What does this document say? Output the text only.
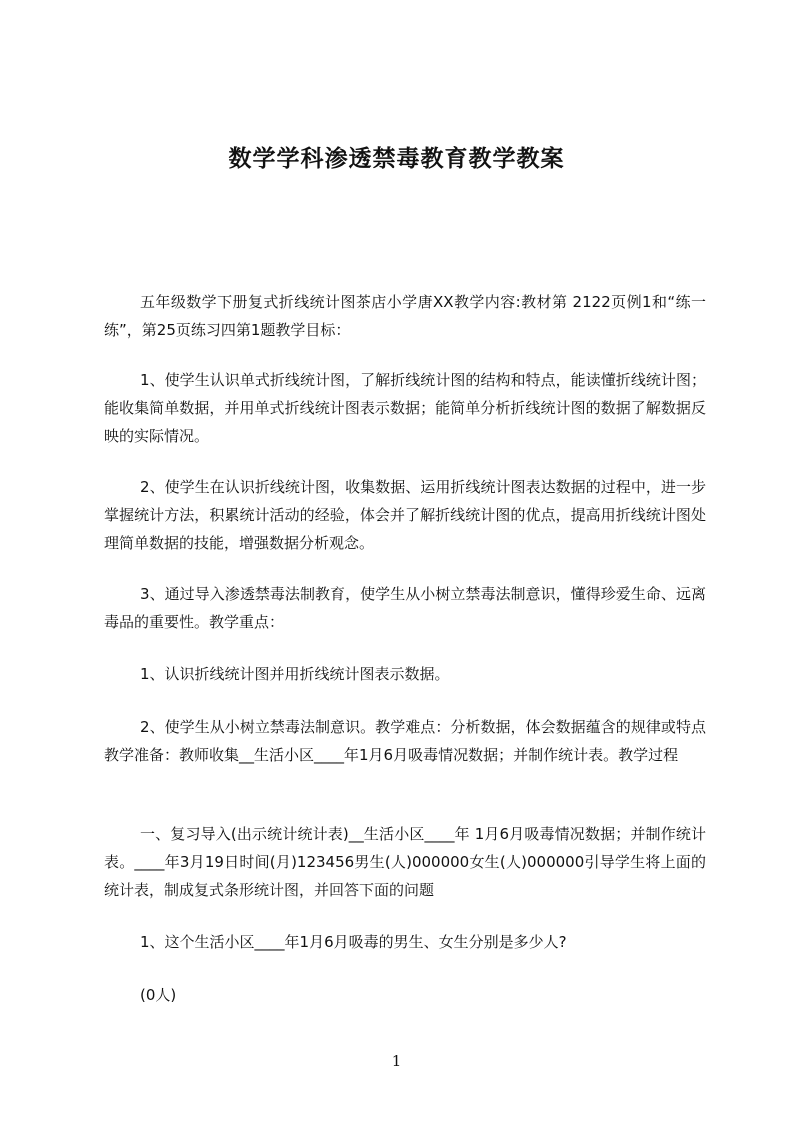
数学学科渗透禁毒教育教学教案
五年级数学下册复式折线统计图茶店小学唐XX教学内容:教材第 2122页例1和“练一练”，第25页练习四第1题教学目标：
1、使学生认识单式折线统计图，了解折线统计图的结构和特点，能读懂折线统计图；能收集简单数据，并用单式折线统计图表示数据；能简单分析折线统计图的数据了解数据反映的实际情况。
2、使学生在认识折线统计图，收集数据、运用折线统计图表达数据的过程中，进一步掌握统计方法，积累统计活动的经验，体会并了解折线统计图的优点，提高用折线统计图处理简单数据的技能，增强数据分析观念。
3、通过导入渗透禁毒法制教育，使学生从小树立禁毒法制意识，懂得珍爱生命、远离毒品的重要性。教学重点：
1、认识折线统计图并用折线统计图表示数据。
2、使学生从小树立禁毒法制意识。教学难点：分析数据，体会数据蕴含的规律或特点教学准备：教师收集__生活小区____年1月6月吸毒情况数据；并制作统计表。教学过程
一、复习导入(出示统计统计表)__生活小区____年 1月6月吸毒情况数据；并制作统计表。____年3月19日时间(月)123456男生(人)000000女生(人)000000引导学生将上面的统计表，制成复式条形统计图，并回答下面的问题
1、这个生活小区____年1月6月吸毒的男生、女生分别是多少人?
(0人)
1
